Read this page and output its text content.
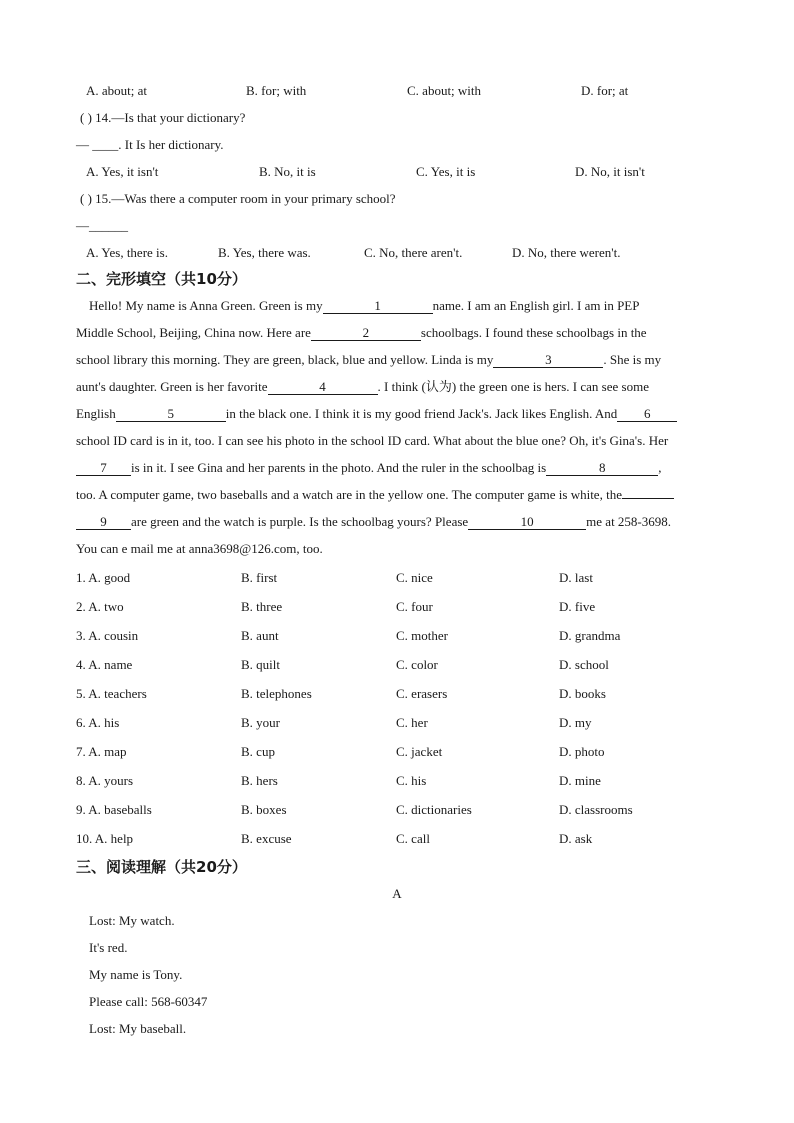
A. about; at	B. for; with	C. about; with	D. for; at
( ) 14.—Is that your dictionary?
— ____. It Is her dictionary.
A. Yes, it isn't	B. No, it is	C. Yes, it is	D. No, it isn't
( ) 15.—Was there a computer room in your primary school?
—______
A. Yes, there is.	B. Yes, there was.	C. No, there aren't.	D. No, there weren't.
二、完形填空（共10分）
Hello! My name is Anna Green. Green is my	1	name. I am an English girl. I am in PEP
Middle School, Beijing, China now. Here are	2	schoolbags. I found these schoolbags in the
school library this morning. They are green, black, blue and yellow. Linda is my	3	. She is my
aunt's daughter. Green is her favorite	4	. I think (认为) the green one is hers. I can see some
English	5	in the black one. I think it is my good friend Jack's. Jack likes English. And 6
school ID card is in it, too. I can see his photo in the school ID card. What about the blue one? Oh, it's Gina's. Her
7 is in it. I see Gina and her parents in the photo. And the ruler in the schoolbag is	8	,
too. A computer game, two baseballs and a watch are in the yellow one. The computer game is white, the
9 are green and the watch is purple. Is the schoolbag yours? Please	10	me at 258-3698.
You can e mail me at anna3698@126.com, too.
1. A. good	B. first	C. nice	D. last
2. A. two	B. three	C. four	D. five
3. A. cousin	B. aunt	C. mother	D. grandma
4. A. name	B. quilt	C. color	D. school
5. A. teachers	B. telephones	C. erasers	D. books
6. A. his	B. your	C. her	D. my
7. A. map	B. cup	C. jacket	D. photo
8. A. yours	B. hers	C. his	D. mine
9. A. baseballs	B. boxes	C. dictionaries	D. classrooms
10. A. help	B. excuse	C. call	D. ask
三、阅读理解（共20分）
A
Lost: My watch.
It's red.
My name is Tony.
Please call: 568-60347
Lost: My baseball.
